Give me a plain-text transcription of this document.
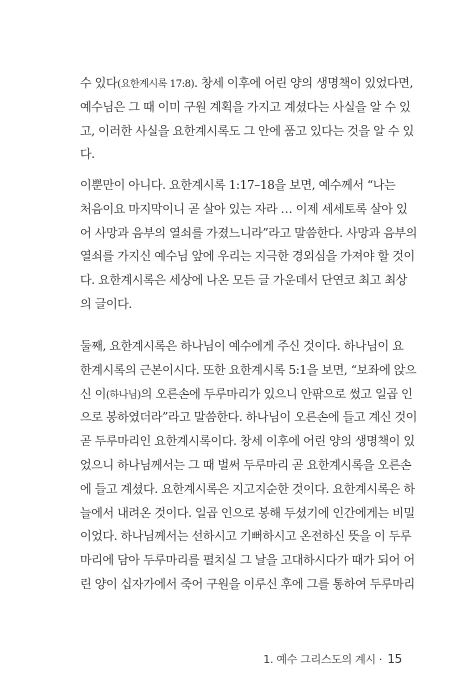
수 있다(요한계시록 17:8). 창세 이후에 어린 양의 생명책이 있었다면,
예수님은 그 때 이미 구원 계획을 가지고 계셨다는 사실을 알 수 있
고, 이러한 사실을 요한계시록도 그 안에 품고 있다는 것을 알 수 있
다.
이뿐만이 아니다. 요한계시록 1:17–18을 보면, 예수께서 “나는
처음이요 마지막이니 곧 살아 있는 자라 … 이제 세세토록 살아 있
어 사망과 음부의 열쇠를 가졌느니라”라고 말씀한다. 사망과 음부의
열쇠를 가지신 예수님 앞에 우리는 지극한 경외심을 가져야 할 것이
다. 요한계시록은 세상에 나온 모든 글 가운데서 단연코 최고 최상
의 글이다.
둘째, 요한계시록은 하나님이 예수에게 주신 것이다. 하나님이 요
한계시록의 근본이시다. 또한 요한계시록 5:1을 보면, “보좌에 앉으
신 이(하나님)의 오른손에 두루마리가 있으니 안팎으로 썼고 일곱 인
으로 봉하였더라”라고 말씀한다. 하나님이 오른손에 들고 계신 것이
곧 두루마리인 요한계시록이다. 창세 이후에 어린 양의 생명책이 있
었으니 하나님께서는 그 때 벌써 두루마리 곧 요한계시록을 오른손
에 들고 계셨다. 요한계시록은 지고지순한 것이다. 요한계시록은 하
늘에서 내려온 것이다. 일곱 인으로 봉해 두셨기에 인간에게는 비밀
이었다. 하나님께서는 선하시고 기뻐하시고 온전하신 뜻을 이 두루
마리에 담아 두루마리를 펼치실 그 날을 고대하시다가 때가 되어 어
린 양이 십자가에서 죽어 구원을 이루신 후에 그를 통하여 두루마리
1. 예수 그리스도의 계시 · 15
